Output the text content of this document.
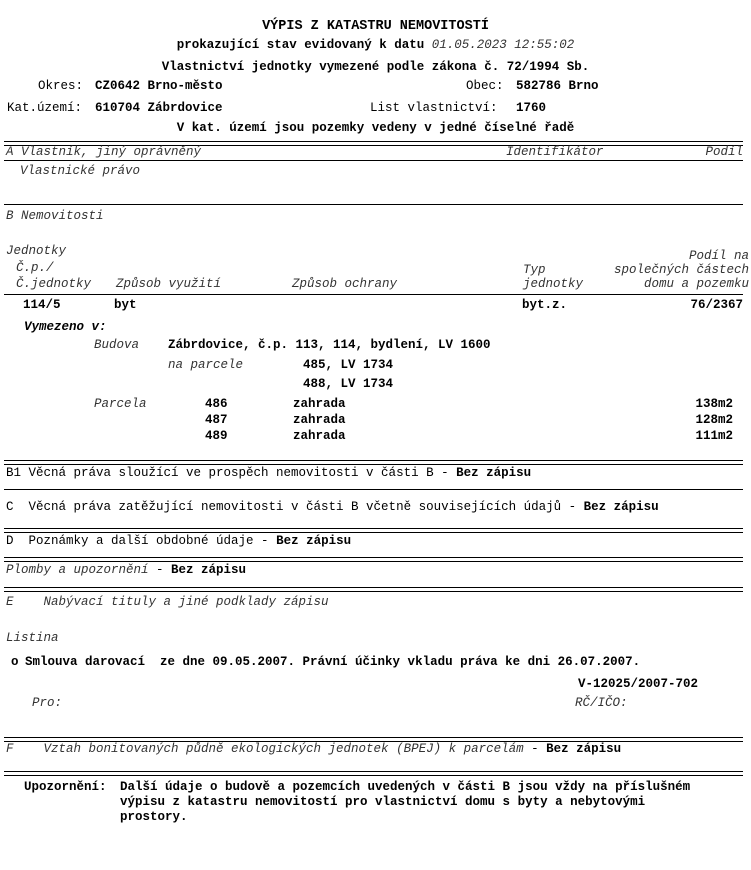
VÝPIS Z KATASTRU NEMOVITOSTÍ
prokazující stav evidovaný k datu 01.05.2023 12:55:02
Vlastnictví jednotky vymezené podle zákona č. 72/1994 Sb.
Okres: CZ0642 Brno-město	Obec: 582786 Brno
Kat.území: 610704 Zábrdovice	List vlastnictví: 1760
V kat. území jsou pozemky vedeny v jedné číselné řadě
A Vlastník, jiný oprávněný	Identifikátor	Podíl
Vlastnické právo
B Nemovitosti
Jednotky
Č.p./
Č.jednotky Způsob využití	Způsob ochrany
Typ
jednotky
Podíl na
společných částech
domu a pozemku
114/5	byt	byt.z.	76/2367
Vymezeno v:
Budova Zábrdovice, č.p. 113, 114, bydlení, LV 1600
na parcele	485, LV 1734
488, LV 1734
Parcela	486	zahrada	138m2
487	zahrada	128m2
489	zahrada	111m2
B1 Věcná práva sloužící ve prospěch nemovitosti v části B - Bez zápisu
C  Věcná práva zatěžující nemovitosti v části B včetně souvisejících údajů - Bez zápisu
D  Poznámky a další obdobné údaje - Bez zápisu
Plomby a upozornění - Bez zápisu
E    Nabývací tituly a jiné podklady zápisu
Listina
o Smlouva darovací  ze dne 09.05.2007. Právní účinky vkladu práva ke dni 26.07.2007.
V-12025/2007-702
Pro:	RČ/IČO:
F    Vztah bonitovaných půdně ekologických jednotek (BPEJ) k parcelám - Bez zápisu
Upozornění: Další údaje o budově a pozemcích uvedených v části B jsou vždy na příslušném
výpisu z katastru nemovitostí pro vlastnictví domu s byty a nebytovými
prostory.
